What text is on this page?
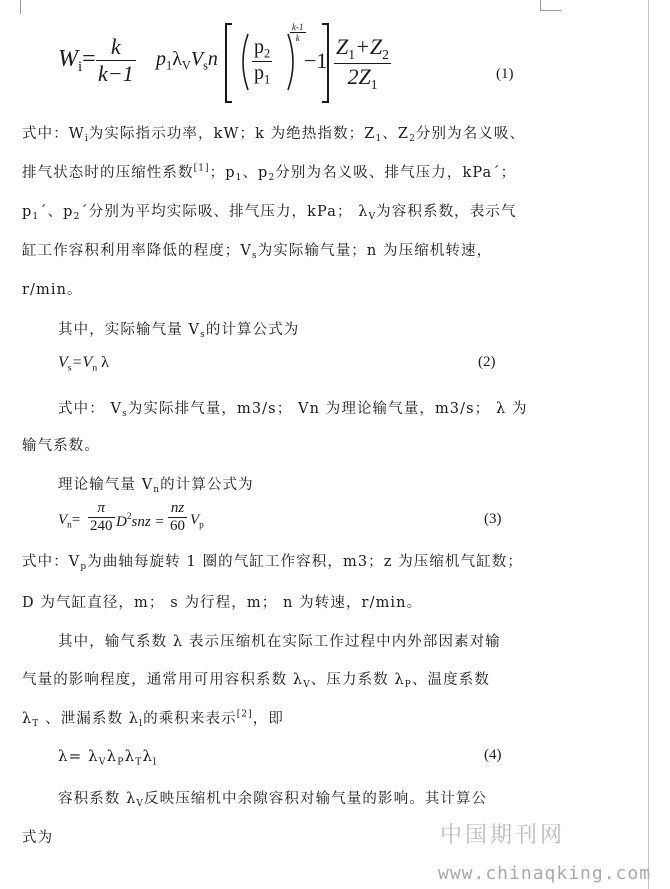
$W_i= \frac{k}{k-1} p_1\lambda_VV_sn \frac{p_2}{p_1}$
$\frac{k-1}{k}$
$-1 \frac{Z_1+Z_2}{2Z_1}$	(1)
式中：$W_i$为实际指示功率，kW；k 为绝热指数；$Z_1$、$Z_2$分别为名义吸、
排气状态时的压缩性系数[1]；$p_1$、$p_2$分别为名义吸、排气压力，kPa´；
$p_1´$、$p_2´$分别为平均实际吸、排气压力，kPa； $\lambda_V$为容积系数，表示气
缸工作容积利用率降低的程度；$V_s$为实际输气量；n 为压缩机转速，
r/min。
其中，实际输气量 $V_s$的计算公式为
$V_s=V_n$ λ	(2)
式中： $V_s$为实际排气量，m3/s； Vn 为理论输气量，m3/s； λ 为
输气系数。
理论输气量 $V_n$的计算公式为
$V_n= \frac{\pi}{240} D^2snz = \frac{nz}{60} V_p$	(3)
式中：$V_p$为曲轴每旋转 1 圈的气缸工作容积，m3；z 为压缩机气缸数；
D 为气缸直径，m； s 为行程，m； n 为转速，r/min。
其中，输气系数 λ 表示压缩机在实际工作过程中内外部因素对输
气量的影响程度，通常用可用容积系数 $\lambda_V$、压力系数 $\lambda_P$、温度系数
$\lambda_T$ 、泄漏系数 $\lambda_l$的乘积来表示[2]，即
$\lambda= \lambda_V\lambda_P\lambda_T\lambda_l$	(4)
容积系数 $\lambda_V$反映压缩机中余隙容积对输气量的影响。其计算公
式为	中国期刊网
www.chinaqking.com
